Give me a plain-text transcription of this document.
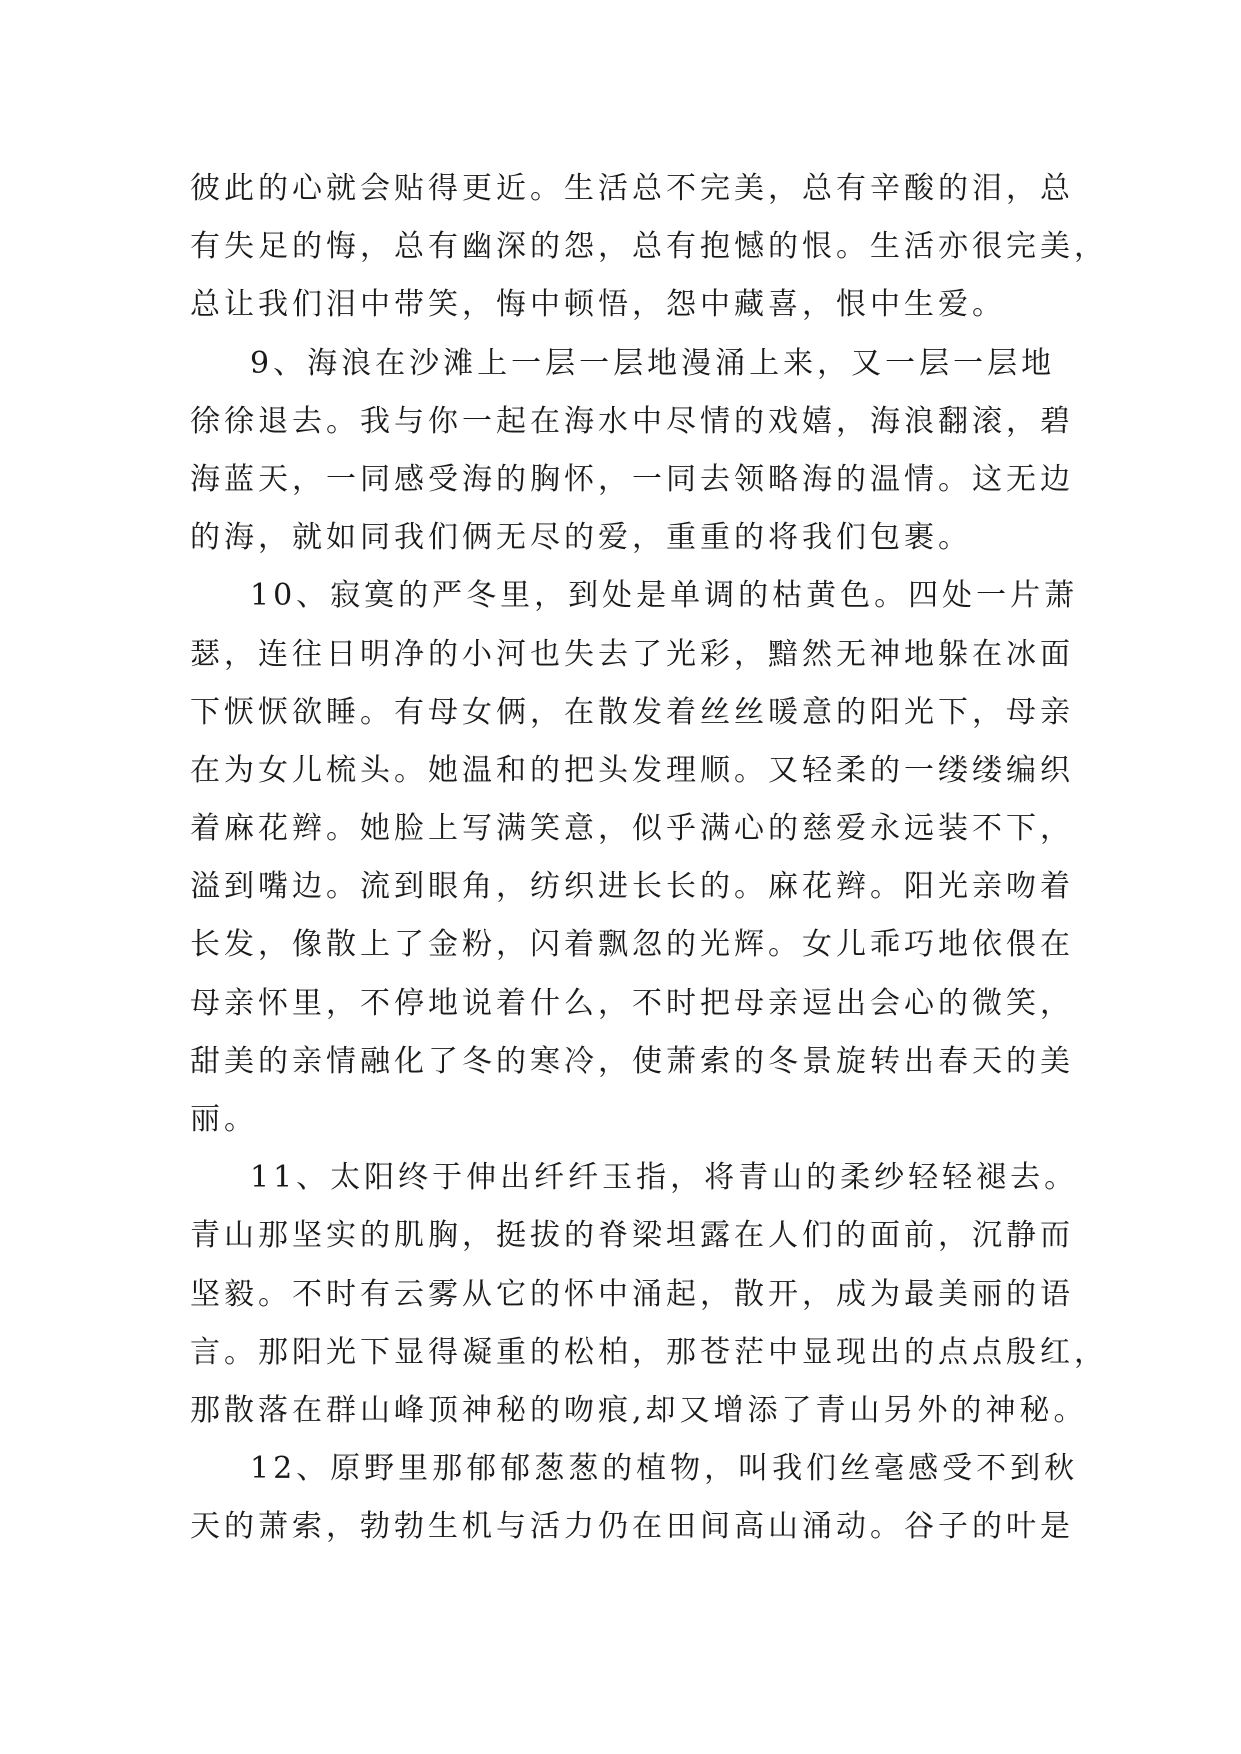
彼此的心就会贴得更近。生活总不完美，总有辛酸的泪，总
有失足的悔，总有幽深的怨，总有抱憾的恨。生活亦很完美，
总让我们泪中带笑，悔中顿悟，怨中藏喜，恨中生爱。
9、海浪在沙滩上一层一层地漫涌上来，又一层一层地
徐徐退去。我与你一起在海水中尽情的戏嬉，海浪翻滚，碧
海蓝天，一同感受海的胸怀，一同去领略海的温情。这无边
的海，就如同我们俩无尽的爱，重重的将我们包裹。
10、寂寞的严冬里，到处是单调的枯黄色。四处一片萧
瑟，连往日明净的小河也失去了光彩，黯然无神地躲在冰面
下恹恹欲睡。有母女俩，在散发着丝丝暖意的阳光下，母亲
在为女儿梳头。她温和的把头发理顺。又轻柔的一缕缕编织
着麻花辫。她脸上写满笑意，似乎满心的慈爱永远装不下，
溢到嘴边。流到眼角，纺织进长长的。麻花辫。阳光亲吻着
长发，像散上了金粉，闪着飘忽的光辉。女儿乖巧地依偎在
母亲怀里，不停地说着什么，不时把母亲逗出会心的微笑，
甜美的亲情融化了冬的寒冷，使萧索的冬景旋转出春天的美
丽。
11、太阳终于伸出纤纤玉指，将青山的柔纱轻轻褪去。
青山那坚实的肌胸，挺拔的脊梁坦露在人们的面前，沉静而
坚毅。不时有云雾从它的怀中涌起，散开，成为最美丽的语
言。那阳光下显得凝重的松柏，那苍茫中显现出的点点殷红，
那散落在群山峰顶神秘的吻痕,却又增添了青山另外的神秘。
12、原野里那郁郁葱葱的植物，叫我们丝毫感受不到秋
天的萧索，勃勃生机与活力仍在田间高山涌动。谷子的叶是
